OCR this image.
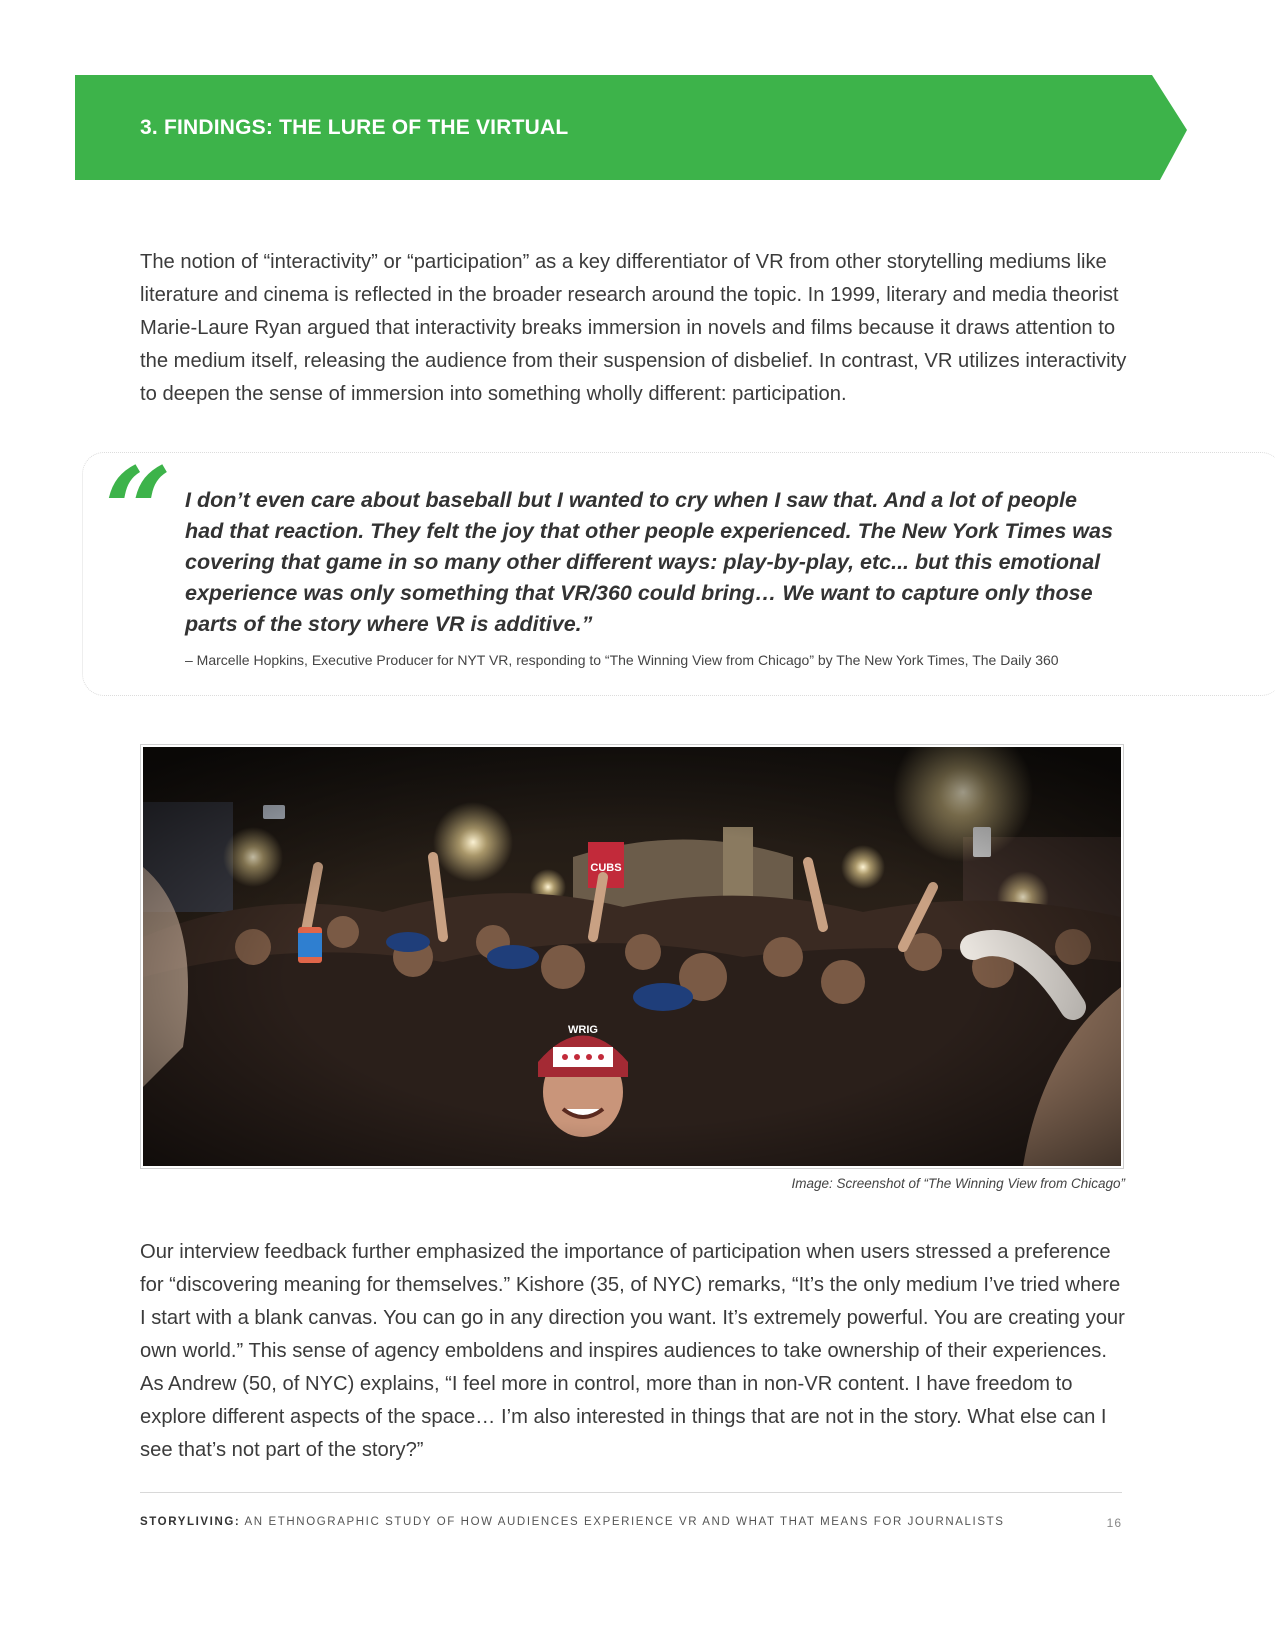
3. FINDINGS: THE LURE OF THE VIRTUAL

The notion of “interactivity” or “participation” as a key differentiator of VR from other storytelling mediums like literature and cinema is reflected in the broader research around the topic. In 1999, literary and media theorist Marie-Laure Ryan argued that interactivity breaks immersion in novels and films because it draws attention to the medium itself, releasing the audience from their suspension of disbelief. In contrast, VR utilizes interactivity to deepen the sense of immersion into something wholly different: participation.

“ I don’t even care about baseball but I wanted to cry when I saw that. And a lot of people had that reaction. They felt the joy that other people experienced. The New York Times was covering that game in so many other different ways: play-by-play, etc... but this emotional experience was only something that VR/360 could bring… We want to capture only those parts of the story where VR is additive.”

– Marcelle Hopkins, Executive Producer for NYT VR, responding to “The Winning View from Chicago” by The New York Times, The Daily 360

Image: Screenshot of “The Winning View from Chicago”

Our interview feedback further emphasized the importance of participation when users stressed a preference for “discovering meaning for themselves.” Kishore (35, of NYC) remarks, “It’s the only medium I’ve tried where I start with a blank canvas. You can go in any direction you want. It’s extremely powerful. You are creating your own world.” This sense of agency emboldens and inspires audiences to take ownership of their experiences. As Andrew (50, of NYC) explains, “I feel more in control, more than in non-VR content. I have freedom to explore different aspects of the space… I’m also interested in things that are not in the story. What else can I see that’s not part of the story?”

STORYLIVING: AN ETHNOGRAPHIC STUDY OF HOW AUDIENCES EXPERIENCE VR AND WHAT THAT MEANS FOR JOURNALISTS	16
